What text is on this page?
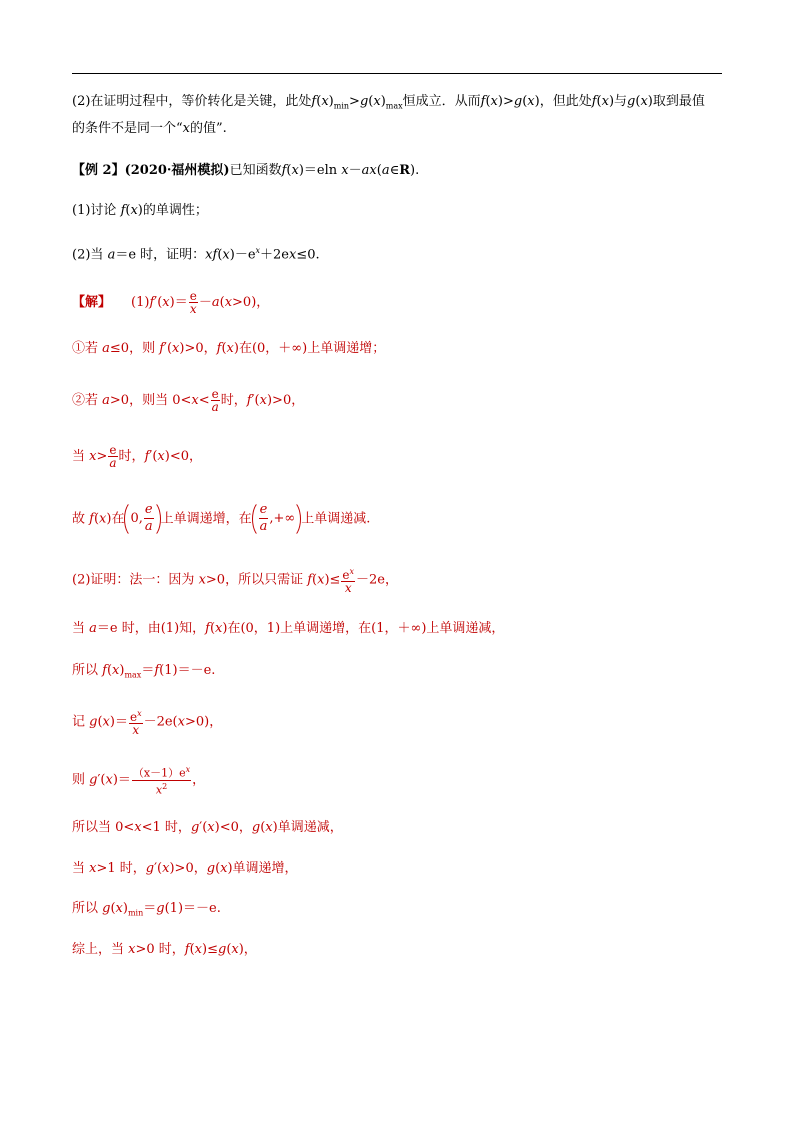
(2)在证明过程中，等价转化是关键，此处$f(x)_{min}>g(x)_{max}$恒成立．从而f(x)>g(x)，但此处f(x)与g(x)取到最值
的条件不是同一个“x的值”.
【例 2】(2020·福州模拟)已知函数f(x)＝eln x－ax(a∈R).
(1)讨论 f(x)的单调性；
(2)当 a＝e 时，证明：$xf(x)-e^x+2ex\le 0$.
【解】 $(1)f'(x)= \frac{e}{x} -a(x>0)$，
①若 a≤0，则 f′(x)>0，f(x)在(0，＋∞)上单调递增；
②若 a>0，则当 $0<x< \frac{e}{a}$ 时，f′(x)>0，
当 $x> \frac{e}{a}$ 时，f′(x)<0，
故 f(x)在 0, $\frac{e}{a}$ 上单调递增，在 $\frac{e}{a}$ ,+∞ 上单调递减.
(2)证明：法一：因为 x>0，所以只需证 $f(x)\le \frac{e^x}{x} -2e$，
当 a＝e 时，由(1)知，f(x)在(0，1)上单调递增，在(1，＋∞)上单调递减，
所以 $f(x)_{max}=f(1)=-e$.
记 $g(x)= \frac{e^x}{x} -2e(x>0)$，
则 $g'(x)= \frac{(x-1)e^x}{x^2}$ ，
所以当 0<x<1 时，g′(x)<0，g(x)单调递减，
当 x>1 时，g′(x)>0，g(x)单调递增，
所以 $g(x)_{min}=g(1)=-e$.
综上，当 x>0 时，f(x)≤g(x)，
